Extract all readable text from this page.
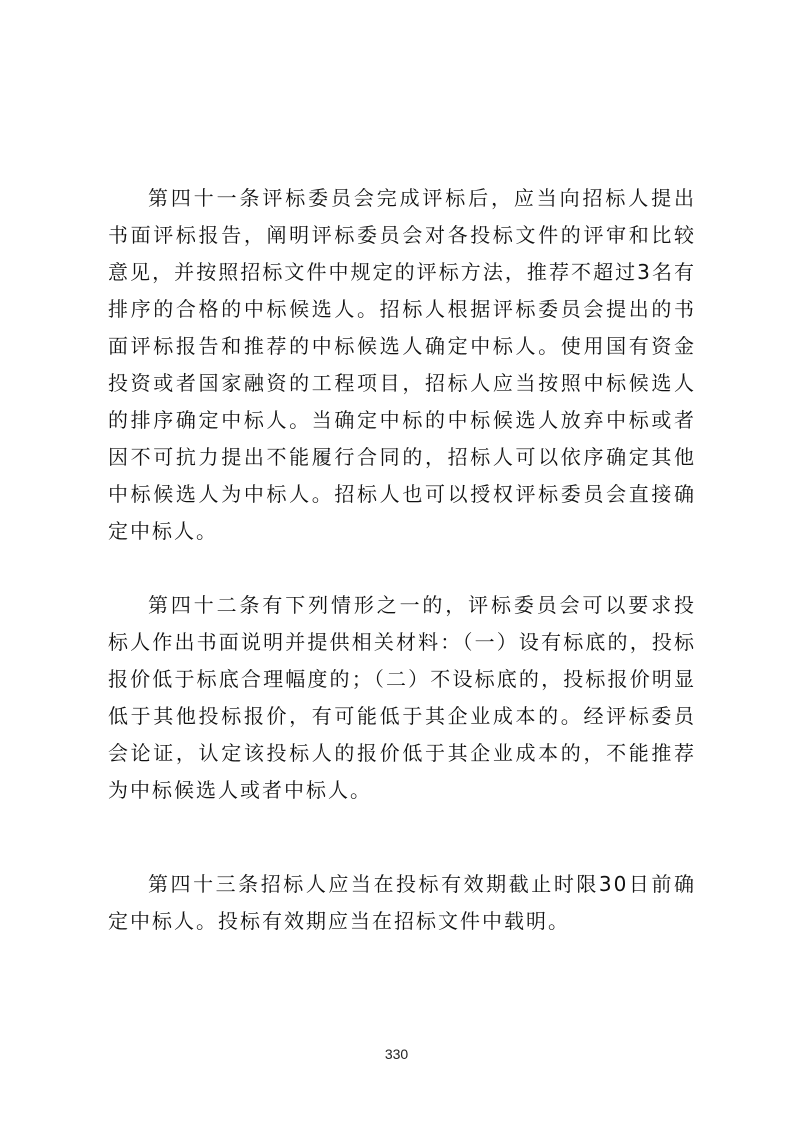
第四十一条评标委员会完成评标后，应当向招标人提出书面评标报告，阐明评标委员会对各投标文件的评审和比较意见，并按照招标文件中规定的评标方法，推荐不超过3名有排序的合格的中标候选人。招标人根据评标委员会提出的书面评标报告和推荐的中标候选人确定中标人。使用国有资金投资或者国家融资的工程项目，招标人应当按照中标候选人的排序确定中标人。当确定中标的中标候选人放弃中标或者因不可抗力提出不能履行合同的，招标人可以依序确定其他中标候选人为中标人。招标人也可以授权评标委员会直接确定中标人。

第四十二条有下列情形之一的，评标委员会可以要求投标人作出书面说明并提供相关材料：（一）设有标底的，投标报价低于标底合理幅度的；（二）不设标底的，投标报价明显低于其他投标报价，有可能低于其企业成本的。经评标委员会论证，认定该投标人的报价低于其企业成本的，不能推荐为中标候选人或者中标人。

第四十三条招标人应当在投标有效期截止时限30日前确定中标人。投标有效期应当在招标文件中载明。

330
